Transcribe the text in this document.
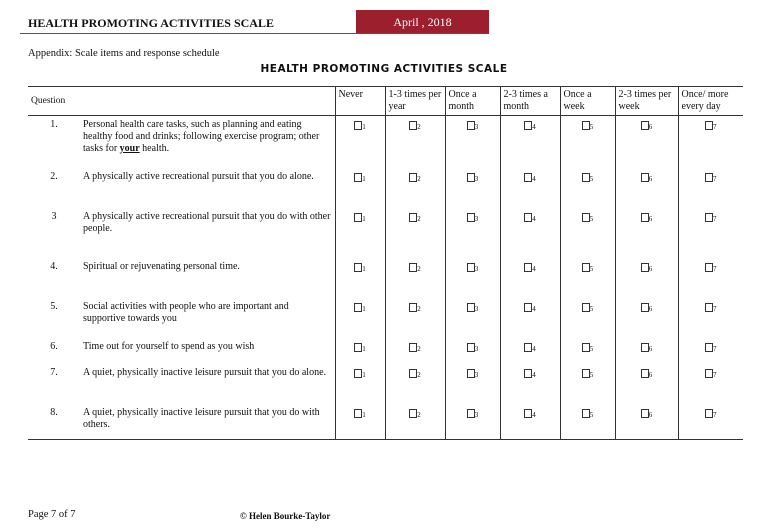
HEALTH PROMOTING ACTIVITIES SCALE	April , 2018
Appendix: Scale items and response schedule
HEALTH PROMOTING ACTIVITIES SCALE
Question		Never	1-3 times per year	Once a month	2-3 times a month	Once a week	2-3 times per week	Once/ more every day
1.	Personal health care tasks, such as planning and eating healthy food and drinks; following exercise program; other tasks for your health.	1	2	3	4	5	6	7
2.	A physically active recreational pursuit that you do alone.	1	2	3	4	5	6	7
3	A physically active recreational pursuit that you do with other people.	1	2	3	4	5	6	7
4.	Spiritual or rejuvenating personal time.	1	2	3	4	5	6	7
5.	Social activities with people who are important and supportive towards you	1	2	3	4	5	6	7
6.	Time out for yourself to spend as you wish	1	2	3	4	5	6	7
7.	A quiet, physically inactive leisure pursuit that you do alone.	1	2	3	4	5	6	7
8.	A quiet, physically inactive leisure pursuit that you do with others.	1	2	3	4	5	6	7
Page 7 of 7	© Helen Bourke-Taylor
